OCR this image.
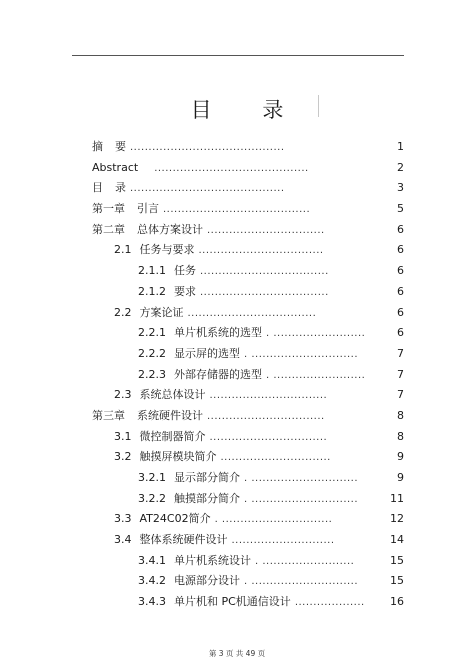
目 录
摘 要 ..........................................	1
Abstract ..........................................	2
目 录 ..........................................	3
第一章 引言 ........................................	5
第二章 总体方案设计 ................................	6
2.1 任务与要求 ..................................	6
2.1.1 任务 ...................................	6
2.1.2 要求 ...................................	6
2.2 方案论证 ...................................	6
2.2.1 单片机系统的选型 . .........................	6
2.2.2 显示屏的选型 . .............................	7
2.2.3 外部存储器的选型 . .........................	7
2.3 系统总体设计 ................................	7
第三章 系统硬件设计 ................................	8
3.1 微控制器简介 ................................	8
3.2 触摸屏模块简介 ..............................	9
3.2.1 显示部分简介 . .............................	9
3.2.2 触摸部分简介 . .............................	11
3.3 AT24C02简介 . ..............................	12
3.4 整体系统硬件设计 ............................	14
3.4.1 单片机系统设计 . .........................	15
3.4.2 电源部分设计 . .............................	15
3.4.3 单片机和 PC机通信设计................... 16
第 3 页 共 49 页
